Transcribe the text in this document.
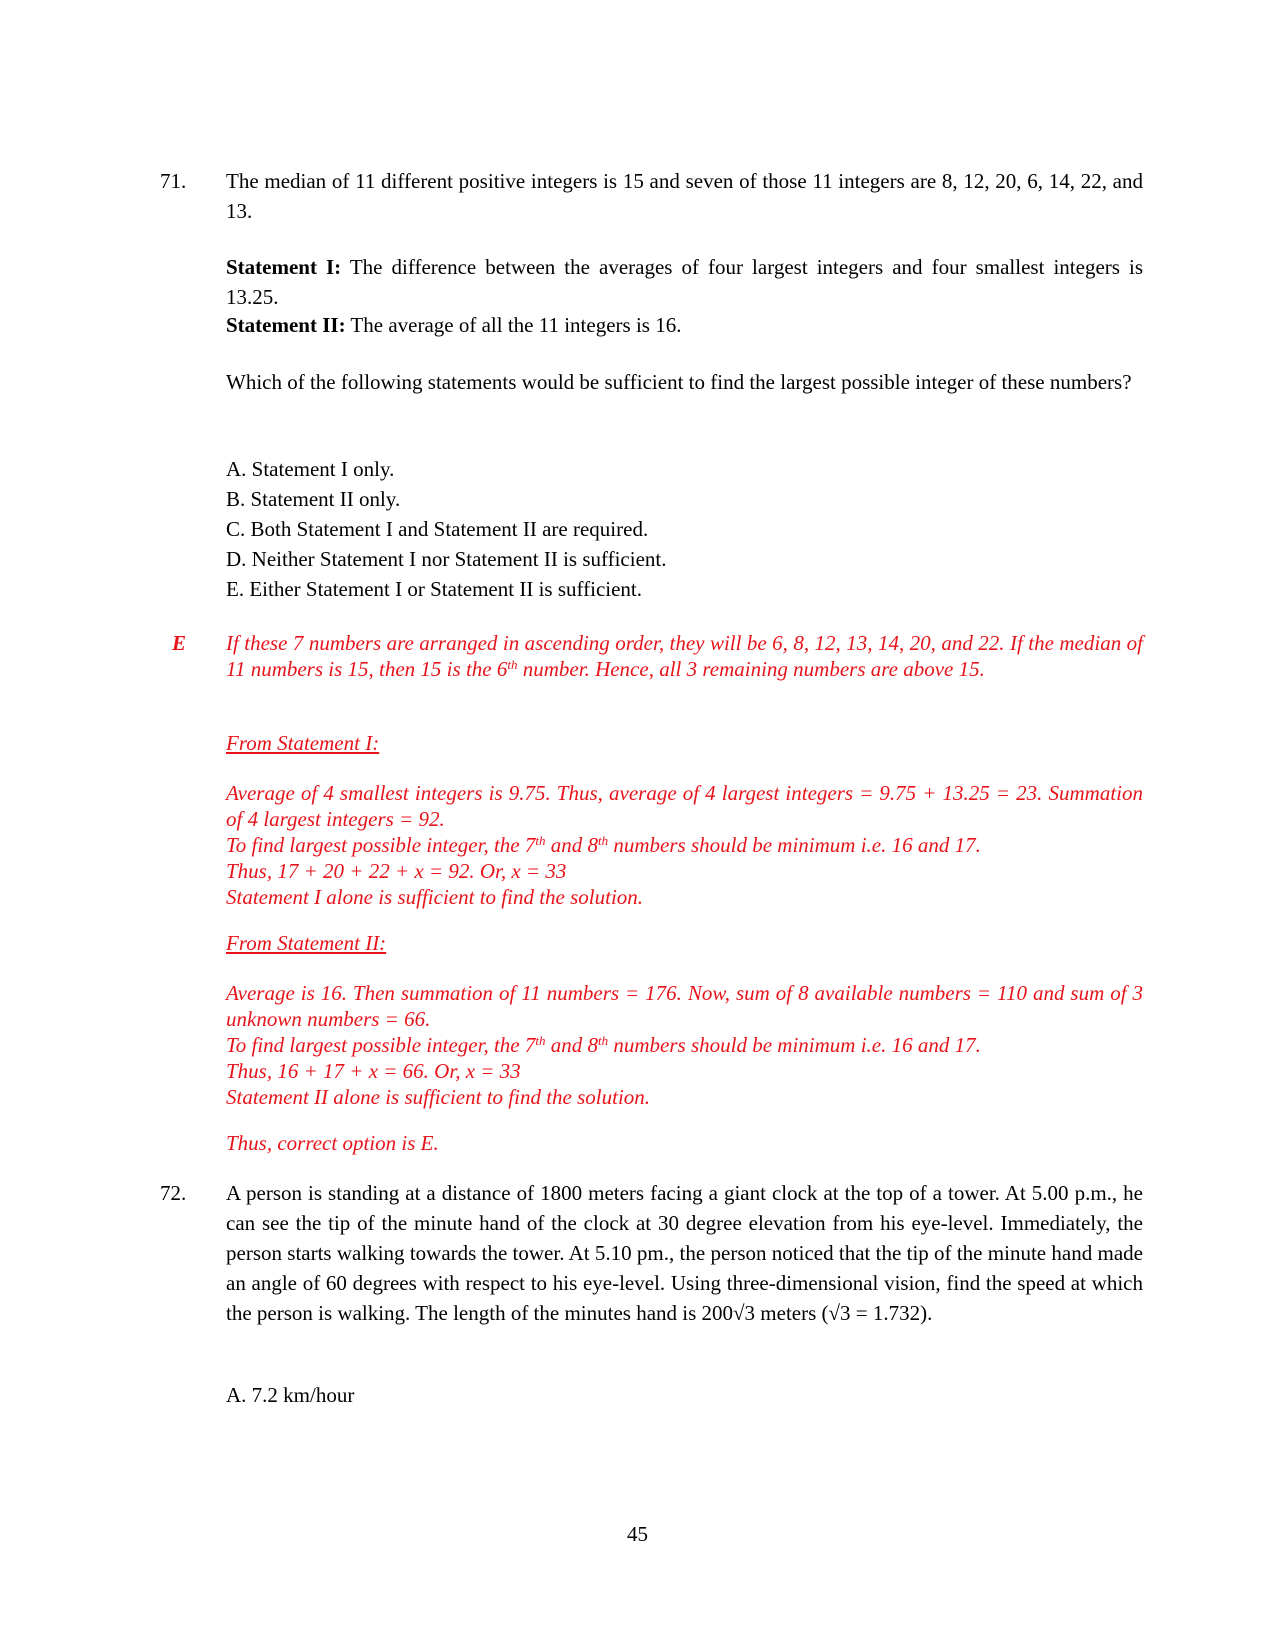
71. The median of 11 different positive integers is 15 and seven of those 11 integers are 8, 12, 20, 6, 14, 22, and 13.

Statement I: The difference between the averages of four largest integers and four smallest integers is 13.25.

Statement II: The average of all the 11 integers is 16.

Which of the following statements would be sufficient to find the largest possible integer of these numbers?

A. Statement I only.

B. Statement II only.

C. Both Statement I and Statement II are required.

D. Neither Statement I nor Statement II is sufficient.

E. Either Statement I or Statement II is sufficient.

E If these 7 numbers are arranged in ascending order, they will be 6, 8, 12, 13, 14, 20, and 22. If the median of 11 numbers is 15, then 15 is the 6th number. Hence, all 3 remaining numbers are above 15.

From Statement I:

Average of 4 smallest integers is 9.75. Thus, average of 4 largest integers = 9.75 + 13.25 = 23. Summation of 4 largest integers = 92.

To find largest possible integer, the 7th and 8th numbers should be minimum i.e. 16 and 17.

Thus, 17 + 20 + 22 + x = 92. Or, x = 33

Statement I alone is sufficient to find the solution.

From Statement II:

Average is 16. Then summation of 11 numbers = 176. Now, sum of 8 available numbers = 110 and sum of 3 unknown numbers = 66.

To find largest possible integer, the 7th and 8th numbers should be minimum i.e. 16 and 17.

Thus, 16 + 17 + x = 66. Or, x = 33

Statement II alone is sufficient to find the solution.

Thus, correct option is E.

72. A person is standing at a distance of 1800 meters facing a giant clock at the top of a tower. At 5.00 p.m., he can see the tip of the minute hand of the clock at 30 degree elevation from his eye-level. Immediately, the person starts walking towards the tower. At 5.10 pm., the person noticed that the tip of the minute hand made an angle of 60 degrees with respect to his eye-level. Using three-dimensional vision, find the speed at which the person is walking. The length of the minutes hand is 200√3 meters (√3 = 1.732).

A. 7.2 km/hour

45
